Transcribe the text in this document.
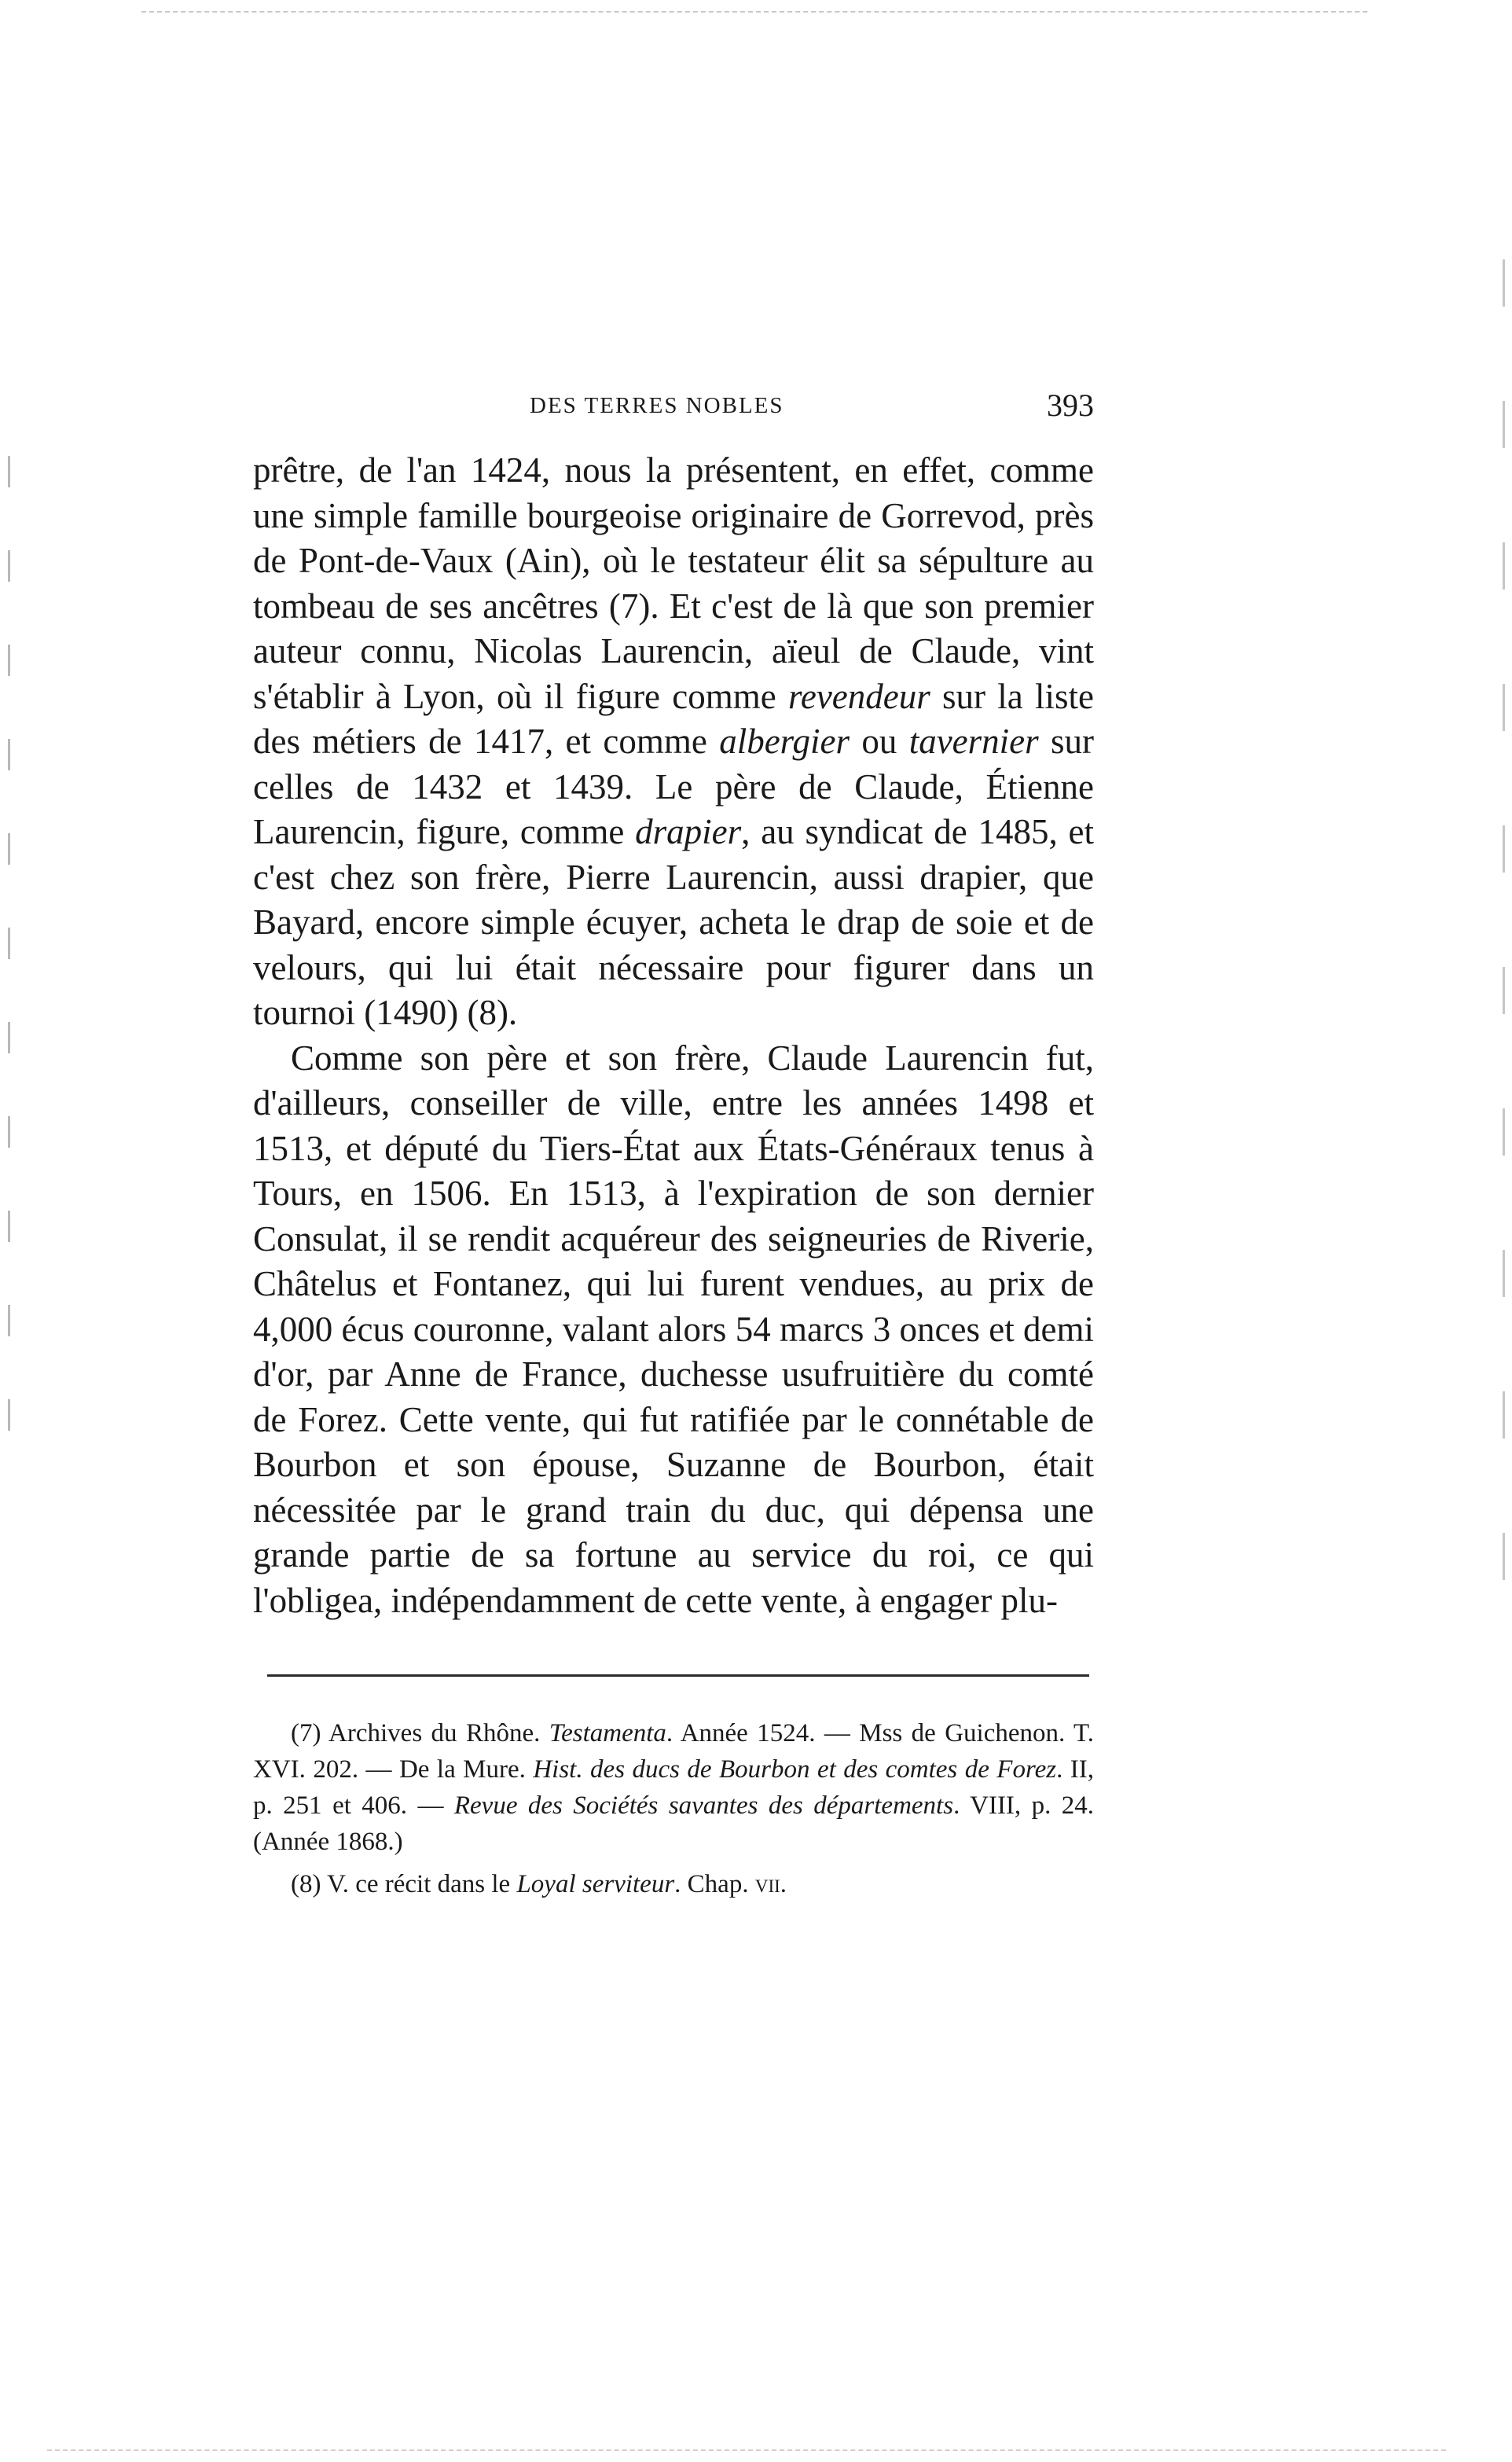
DES TERRES NOBLES	393

prêtre, de l'an 1424, nous la présentent, en effet, comme une simple famille bourgeoise originaire de Gorrevod, près de Pont-de-Vaux (Ain), où le testateur élit sa sépulture au tombeau de ses ancêtres (7). Et c'est de là que son premier auteur connu, Nicolas Laurencin, aïeul de Claude, vint s'établir à Lyon, où il figure comme revendeur sur la liste des métiers de 1417, et comme albergier ou tavernier sur celles de 1432 et 1439. Le père de Claude, Étienne Laurencin, figure, comme drapier, au syndicat de 1485, et c'est chez son frère, Pierre Laurencin, aussi drapier, que Bayard, encore simple écuyer, acheta le drap de soie et de velours, qui lui était nécessaire pour figurer dans un tournoi (1490) (8).

Comme son père et son frère, Claude Laurencin fut, d'ailleurs, conseiller de ville, entre les années 1498 et 1513, et député du Tiers-État aux États-Généraux tenus à Tours, en 1506. En 1513, à l'expiration de son dernier Consulat, il se rendit acquéreur des seigneuries de Riverie, Châtelus et Fontanez, qui lui furent vendues, au prix de 4,000 écus couronne, valant alors 54 marcs 3 onces et demi d'or, par Anne de France, duchesse usufruitière du comté de Forez. Cette vente, qui fut ratifiée par le connétable de Bourbon et son épouse, Suzanne de Bourbon, était nécessitée par le grand train du duc, qui dépensa une grande partie de sa fortune au service du roi, ce qui l'obligea, indépendamment de cette vente, à engager plu-

(7) Archives du Rhône. Testamenta. Année 1524. — Mss de Guichenon. T. XVI. 202. — De la Mure. Hist. des ducs de Bourbon et des comtes de Forez. II, p. 251 et 406. — Revue des Sociétés savantes des départements. VIII, p. 24. (Année 1868.)

(8) V. ce récit dans le Loyal serviteur. Chap. vii.
